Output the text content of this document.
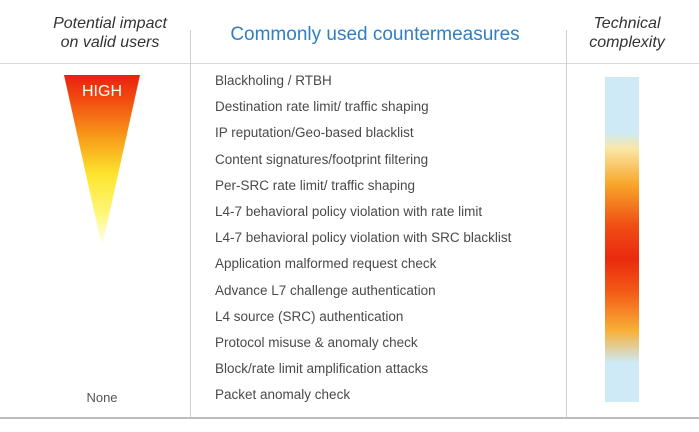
Potential impact
on valid users	Commonly used countermeasures
Technical
complexity
HIGH
None
Blackholing / RTBH
Destination rate limit/ traffic shaping
IP reputation/Geo-based blacklist
Content signatures/footprint filtering
Per-SRC rate limit/ traffic shaping
L4-7 behavioral policy violation with rate limit
L4-7 behavioral policy violation with SRC blacklist
Application malformed request check
Advance L7 challenge authentication
L4 source (SRC) authentication
Protocol misuse & anomaly check
Block/rate limit amplification attacks
Packet anomaly check
